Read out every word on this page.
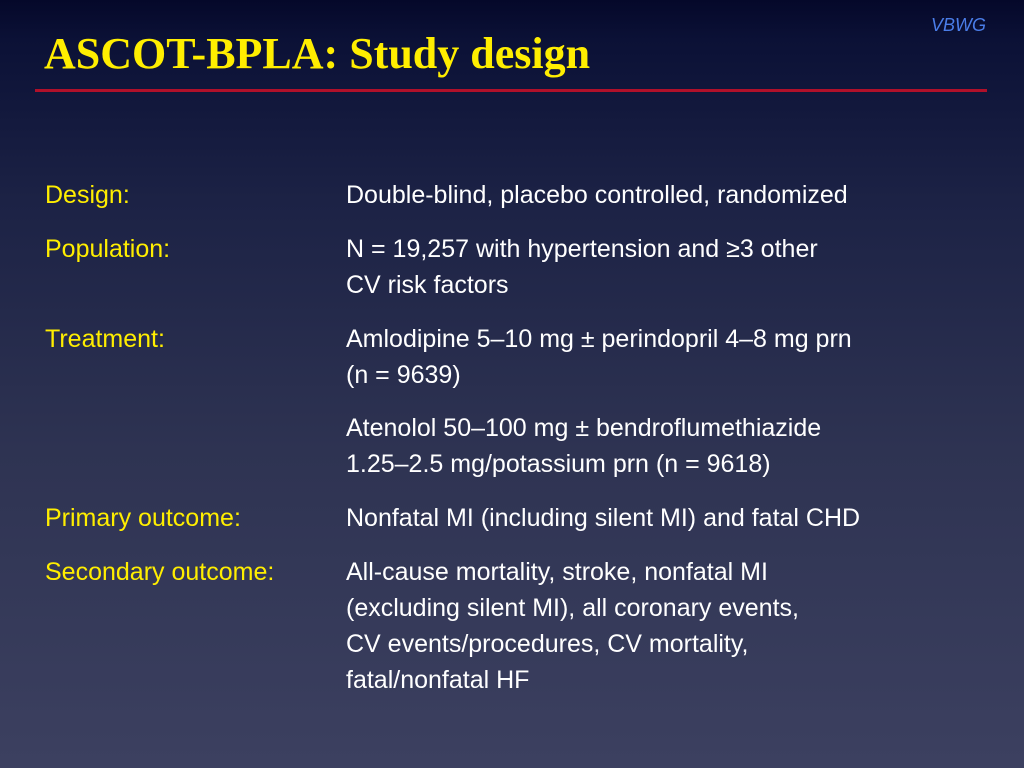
VBWG
ASCOT-BPLA: Study design
Design:	Double-blind, placebo controlled, randomized
Population:	N = 19,257 with hypertension and ≥3 other
CV risk factors
Treatment:	Amlodipine 5–10 mg ± perindopril 4–8 mg prn
(n = 9639)
Atenolol 50–100 mg ± bendroflumethiazide
1.25–2.5 mg/potassium prn (n = 9618)
Primary outcome:	Nonfatal MI (including silent MI) and fatal CHD
Secondary outcome:	All-cause mortality, stroke, nonfatal MI
(excluding silent MI), all coronary events,
CV events/procedures, CV mortality,
fatal/nonfatal HF
